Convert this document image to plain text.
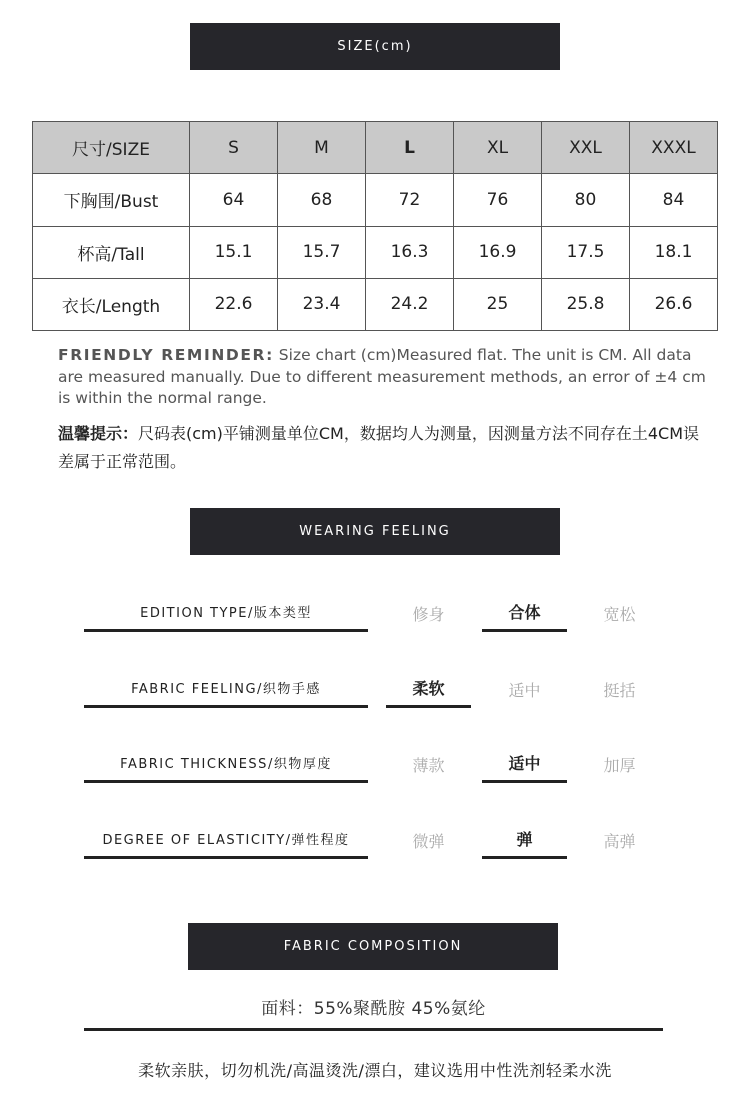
SIZE(cm)
尺寸/SIZE	S	M	L	XL	XXL	XXXL
下胸围/Bust	64	68	72	76	80	84
杯高/Tall	15.1	15.7	16.3	16.9	17.5	18.1
衣长/Length	22.6	23.4	24.2	25	25.8	26.6

FRIENDLY REMINDER: Size chart (cm)Measured flat. The unit is CM. All data are measured manually. Due to different measurement methods, an error of ±4 cm is within the normal range.

温馨提示：尺码表(cm)平铺测量单位CM，数据均人为测量，因测量方法不同存在土4CM误差属于正常范围。

WEARING FEELING
EDITION TYPE/版本类型	修身	合体	宽松
FABRIC FEELING/织物手感	柔软	适中	挺括
FABRIC THICKNESS/织物厚度	薄款	适中	加厚
DEGREE OF ELASTICITY/弹性程度	微弹	弹	高弹
FABRIC COMPOSITION
面料：55%聚酰胺 45%氨纶
柔软亲肤，切勿机洗/高温烫洗/漂白，建议选用中性洗剂轻柔水洗
